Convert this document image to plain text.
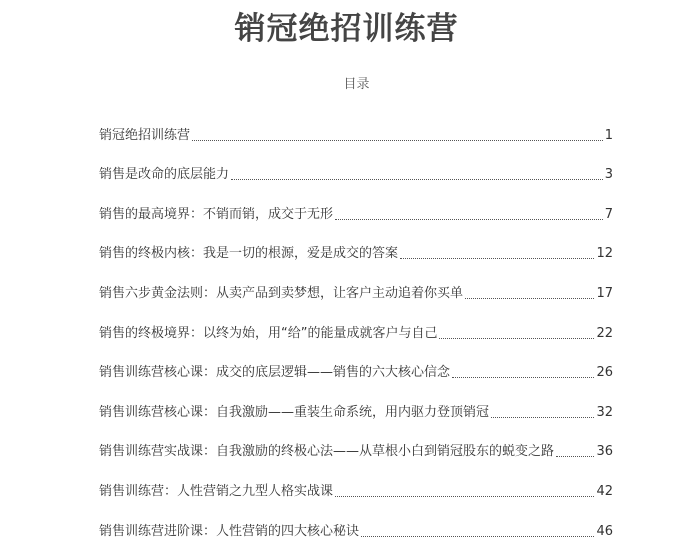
销冠绝招训练营
目录
销冠绝招训练营	1
销售是改命的底层能力	3
销售的最高境界：不销而销，成交于无形	7
销售的终极内核：我是一切的根源，爱是成交的答案	12
销售六步黄金法则：从卖产品到卖梦想，让客户主动追着你买单	17
销售的终极境界：以终为始，用“给”的能量成就客户与自己	22
销售训练营核心课：成交的底层逻辑——销售的六大核心信念	26
销售训练营核心课：自我激励——重装生命系统，用内驱力登顶销冠	32
销售训练营实战课：自我激励的终极心法——从草根小白到销冠股东的蜕变之路	36
销售训练营：人性营销之九型人格实战课	42
销售训练营进阶课：人性营销的四大核心秘诀	46
